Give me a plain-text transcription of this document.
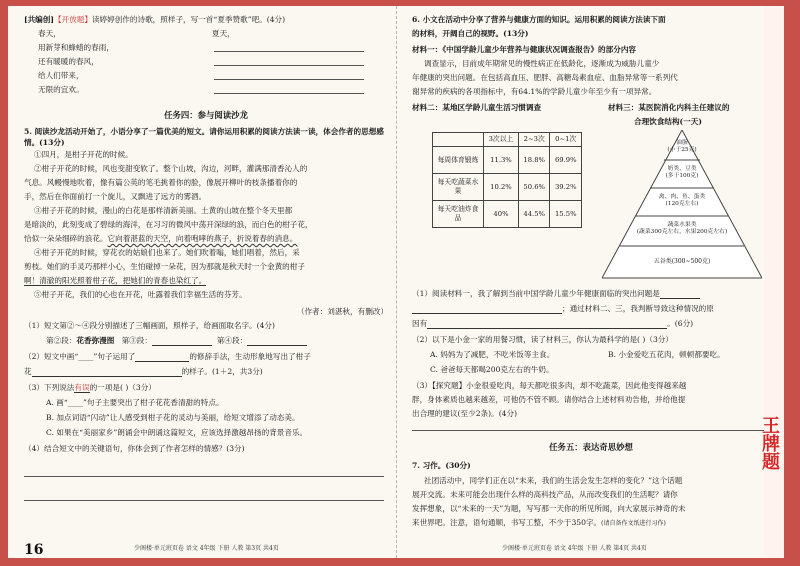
[共编创]【开放题】读婷婷创作的诗歌，照样子，写一首“夏季赞歌”吧。(4分)
春天，
用新芽和蜂蜡的春雨，
还有暖暖的春风，
给人们带来，
无限的宜欢。
夏天，
任务四：参与阅读沙龙
5. 阅读沙龙活动开始了，小语分享了一篇优美的短文。请你运用积累的阅读方法读一读，体会作者的思想感情。(13分)
①四月，是柑子开花的时候。
②柑子开花的时候，风也变甜变软了。整个山坡，沟边，河畔，灌满那清香沁人的
气息。风幔慢地吹着，像有篇公英的笔毛挑着你的脸，像展开柳叶的枝条播着你的
手，然后在你面前打一个旋儿，又飘进了远方的雾酒。
③柑子开花的时候，漫山的白花是那样清新美丽。土黄的山坡在整个冬天里都
是暗淡的，此刻变成了碧绿的海洋，在习习的微风中荡开深绿的浪，而白色的柑子花，
恰似一朵朵细碎的浪花。它向着湛蓝的天空，向着咆哮的燕子，折说着春的消息。
④柑子开花的时候，穿花衣的姑娘们也来了。她们吹着嗡，她们唱着，然后，采
剪枝。她们的手灵巧那样小心，生怕碰掉一朵花，因为那就是秋天时一个金黄的柑子
啊！清澈的阳光照着柑子花，把她们的青春也染红了。
⑤柑子开花，我们的心也在开花，吐露着我们幸福生活的芬芳。
（作者：刘湛秋，有删改）
（1）短文第②～④段分别描述了三幅画面，照样子，给画面取名字。(4分)
第②段：花香弥漫图 第③段：	第④段：
（2）短文中画“____”句子运用了	的修辞手法，生动形象地写出了柑子
花	的样子。(1＋2，共3分)
（3）下列说法有误的一项是( )（3分）
A. 画“____”句子主要突出了柑子花花香清甜的特点。
B. 加点词语“闪动”让人感受到柑子花的灵动与美丽，给短文增添了动态美。
C. 如果在“美丽家乡”朗诵会中朗诵这篇短文，应该选择激越昂扬的背景音乐。
（4）结合短文中的关键语句，你体会到了作者怎样的情感？(3分)
16	少阁楼·单元班页卷 语文 4年级 下册 人教 第3页 共4页
6. 小文在活动中分享了营养与健康方面的知识。运用积累的阅读方法读下面
的材料，开阔自己的视野。(13分)
材料一：《中国学龄儿童少年营养与健康状况调查报告》的部分内容
调查显示，目前成年期常见的慢性病正在低龄化，逐渐成为威胁儿童少
年健康的突出问题。在包括高血压、肥胖、高糖岛素血症、血脂异常等一系列代
谢异常的疾病的各项指标中，有64.1%的学龄儿童少年至少有一项异常。
材料二：某地区学龄儿童生活习惯调查	材料三：某医院消化内科主任建议的
合理饮食结构(一天)
	3次以上	2~3次	0~1次
每周体育锻炼	11.3%	18.8%	69.9%
每天吃蔬菜水果	10.2%	50.6%	39.2%
每天吃油炸食品	40%	44.5%	15.5%
油脂
(小于25克)
奶类、豆类
(多于100克)
禽、肉、鱼、蛋类
(120克左右)
蔬菜水果类
(蔬菜300克左右，水果200克左右)
五谷类(300~500克)
（1）阅读材料一，我了解到当前中国学龄儿童少年健康面临的突出问题是
；通过材料二、三，我判断导致这种情况的原
因有	。(6分)
（2）以下是小金一家的用餐习惯，读了材料三，你认为最科学的是( )（3分）
A. 妈妈为了减肥，不吃米饭等主食。	B. 小金爱吃五花肉，顿顿都要吃。
C. 爸爸每天都喝200克左右的牛奶。
（3）【探究题】小金很爱吃肉，每天都吃很多肉，却不吃蔬菜，因此他变得越来越
胖，身体素质也越来越差，可他仍不管不顾。请你结合上述材料劝告他，并给他提
出合理的建议(至少2条)。(4分)
任务五：表达奇思妙想
7. 习作。(30分)
社团活动中，同学们正在以“未来，我们的生活会发生怎样的变化？”这个话题
展开交流。未来可能会出现什么样的高科技产品，从而改变我们的生活呢？请你
发挥想象，以“未来的一天”为题，写写那一天你的所见所闻，向大家展示神奇的未
来世界吧。注意，语句通顺，书写工整，不少于350字。(请自备作文纸进行习作)
少阁楼·单元班页卷 语文 4年级 下册 人教 第4页 共4页
王牌题
